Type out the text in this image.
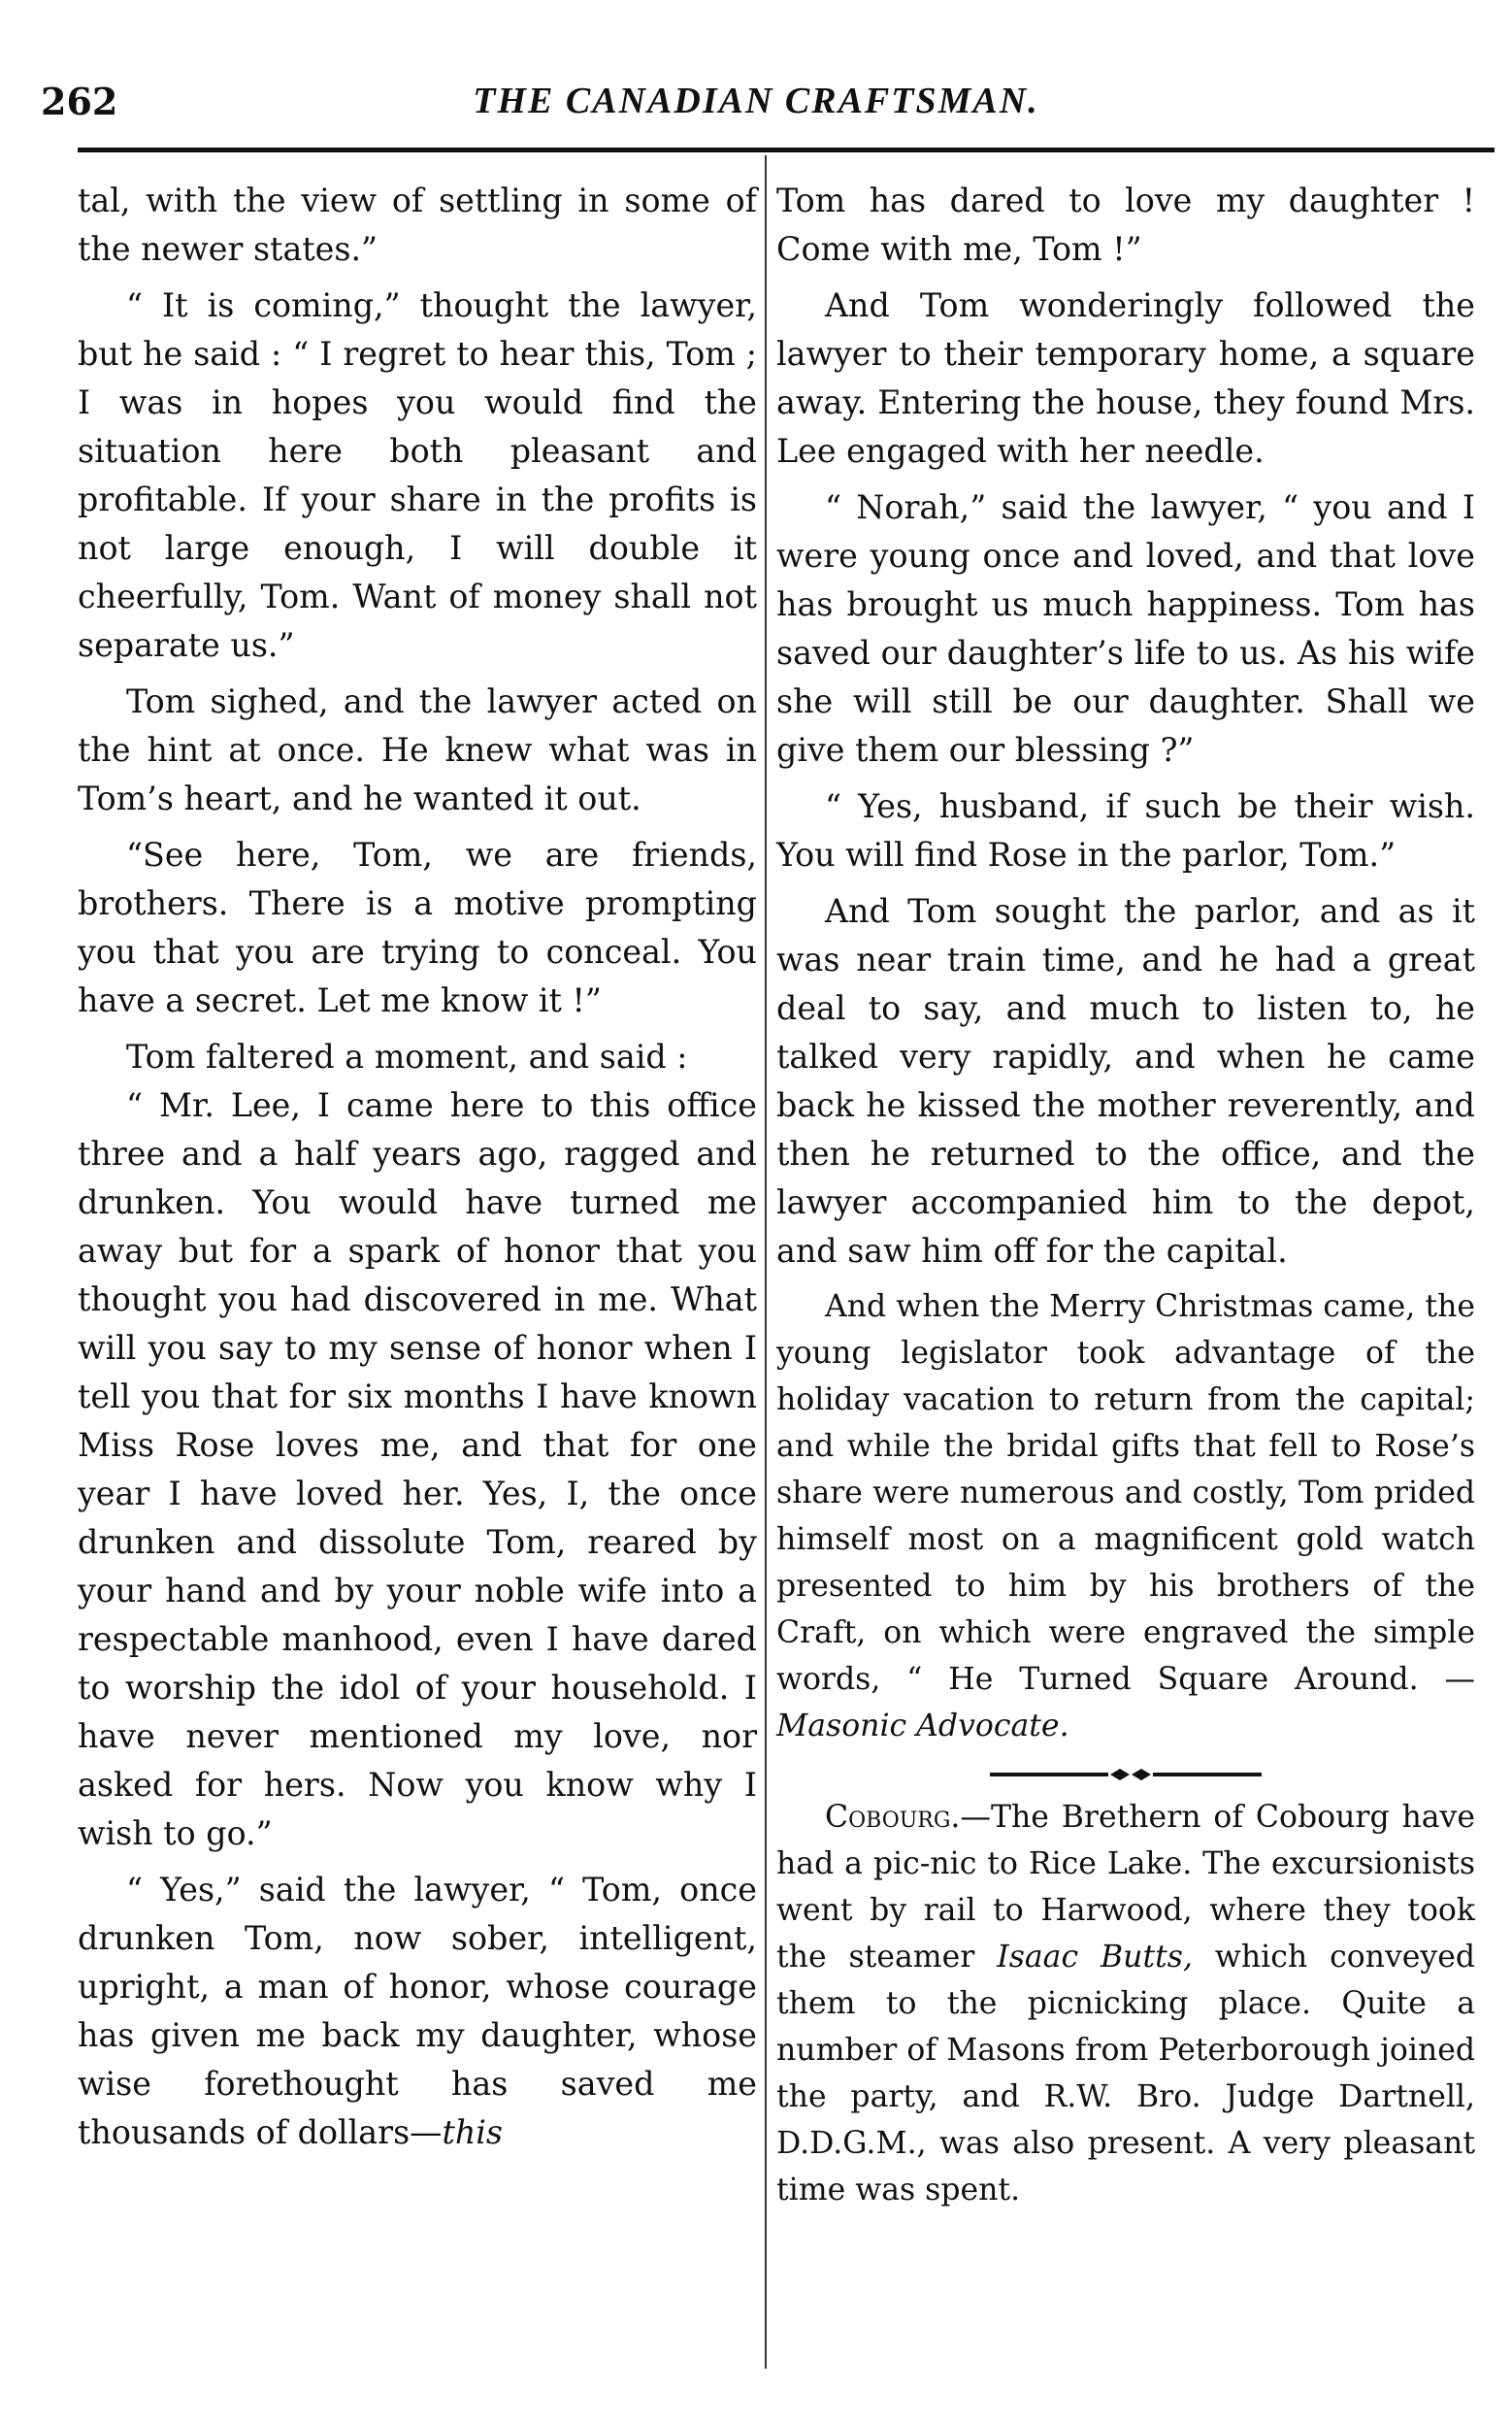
262	THE CANADIAN CRAFTSMAN.

tal, with the view of settling in some of the newer states.”

“ It is coming,” thought the lawyer, but he said : “ I regret to hear this, Tom ; I was in hopes you would find the situation here both pleasant and profitable. If your share in the profits is not large enough, I will double it cheerfully, Tom. Want of money shall not separate us.”

Tom sighed, and the lawyer acted on the hint at once. He knew what was in Tom’s heart, and he wanted it out.

“See here, Tom, we are friends, brothers. There is a motive prompting you that you are trying to conceal. You have a secret. Let me know it !”

Tom faltered a moment, and said :

“ Mr. Lee, I came here to this office three and a half years ago, ragged and drunken. You would have turned me away but for a spark of honor that you thought you had discovered in me. What will you say to my sense of honor when I tell you that for six months I have known Miss Rose loves me, and that for one year I have loved her. Yes, I, the once drunken and dissolute Tom, reared by your hand and by your noble wife into a respectable manhood, even I have dared to worship the idol of your household. I have never mentioned my love, nor asked for hers. Now you know why I wish to go.”

“ Yes,” said the lawyer, “ Tom, once drunken Tom, now sober, intelligent, upright, a man of honor, whose courage has given me back my daughter, whose wise forethought has saved me thousands of dollars—this

Tom has dared to love my daughter ! Come with me, Tom !”

And Tom wonderingly followed the lawyer to their temporary home, a square away. Entering the house, they found Mrs. Lee engaged with her needle.

“ Norah,” said the lawyer, “ you and I were young once and loved, and that love has brought us much happiness. Tom has saved our daughter’s life to us. As his wife she will still be our daughter. Shall we give them our blessing ?”

“ Yes, husband, if such be their wish. You will find Rose in the parlor, Tom.”

And Tom sought the parlor, and as it was near train time, and he had a great deal to say, and much to listen to, he talked very rapidly, and when he came back he kissed the mother reverently, and then he returned to the office, and the lawyer accompanied him to the depot, and saw him off for the capital.

And when the Merry Christmas came, the young legislator took advantage of the holiday vacation to return from the capital; and while the bridal gifts that fell to Rose’s share were numerous and costly, Tom prided himself most on a magnificent gold watch presented to him by his brothers of the Craft, on which were engraved the simple words, “ He Turned Square Around. — Masonic Advocate.

Cobourg.—The Brethern of Cobourg have had a pic-nic to Rice Lake. The excursionists went by rail to Harwood, where they took the steamer Isaac Butts, which conveyed them to the picnicking place. Quite a number of Masons from Peterborough joined the party, and R.W. Bro. Judge Dartnell, D.D.G.M., was also present. A very pleasant time was spent.
